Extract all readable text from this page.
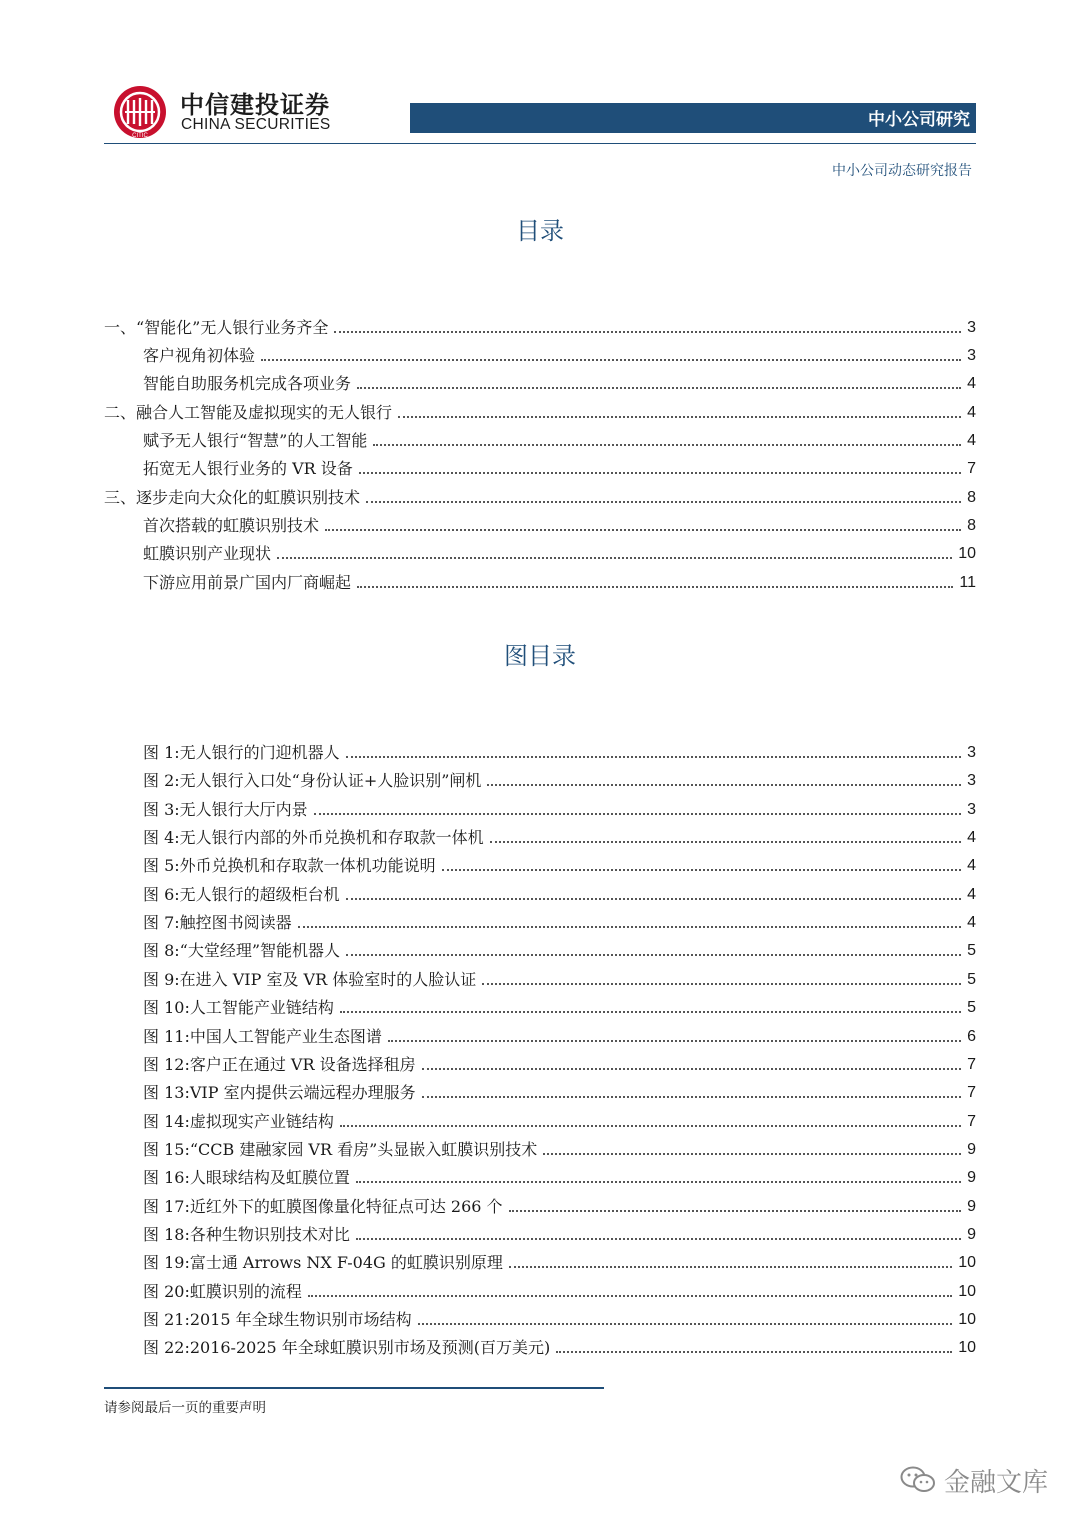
CITIC
中信建投证券
CHINA SECURITIES	中小公司研究
中小公司动态研究报告
目录
一、“智能化”无人银行业务齐全	3
客户视角初体验	3
智能自助服务机完成各项业务	4
二、融合人工智能及虚拟现实的无人银行	4
赋予无人银行“智慧”的人工智能	4
拓宽无人银行业务的 VR 设备	7
三、逐步走向大众化的虹膜识别技术	8
首次搭载的虹膜识别技术	8
虹膜识别产业现状	10
下游应用前景广国内厂商崛起	11
图目录
图 1:无人银行的门迎机器人	3
图 2:无人银行入口处“身份认证+人脸识别”闸机	3
图 3:无人银行大厅内景	3
图 4:无人银行内部的外币兑换机和存取款一体机	4
图 5:外币兑换机和存取款一体机功能说明	4
图 6:无人银行的超级柜台机	4
图 7:触控图书阅读器	4
图 8:“大堂经理”智能机器人	5
图 9:在进入 VIP 室及 VR 体验室时的人脸认证	5
图 10:人工智能产业链结构	5
图 11:中国人工智能产业生态图谱	6
图 12:客户正在通过 VR 设备选择租房	7
图 13:VIP 室内提供云端远程办理服务	7
图 14:虚拟现实产业链结构	7
图 15:“CCB 建融家园 VR 看房”头显嵌入虹膜识别技术	9
图 16:人眼球结构及虹膜位置	9
图 17:近红外下的虹膜图像量化特征点可达 266 个	9
图 18:各种生物识别技术对比	9
图 19:富士通 Arrows NX F-04G 的虹膜识别原理	10
图 20:虹膜识别的流程	10
图 21:2015 年全球生物识别市场结构	10
图 22:2016-2025 年全球虹膜识别市场及预测(百万美元)	10
请参阅最后一页的重要声明
金融文库
